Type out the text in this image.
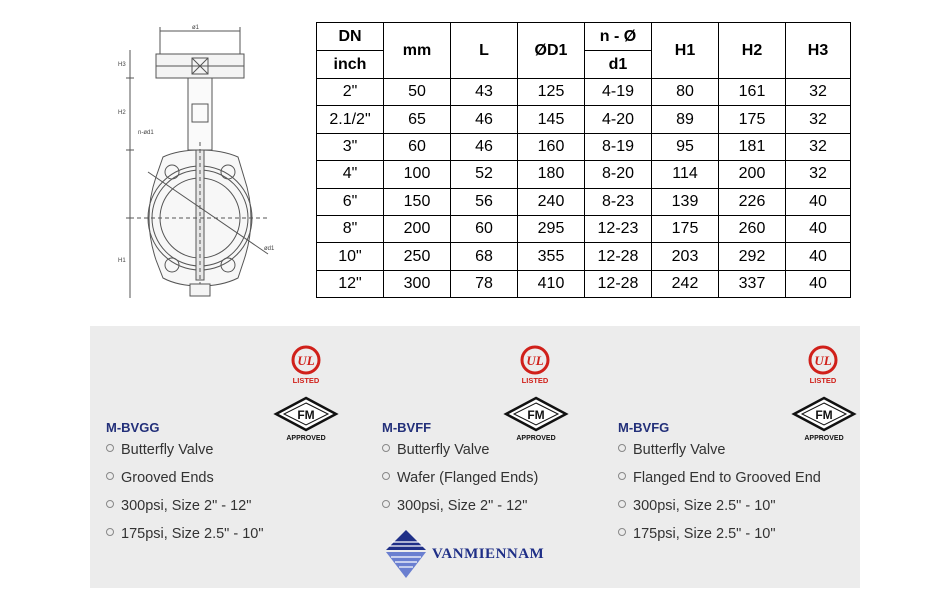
ø1
n-ød1
ød1
H3
H2
H1
DN	mm	L	ØD1	n - Ø	H1	H2	H3
inch				d1			
2"	50	43	125	4-19	80	161	32
2.1/2"	65	46	145	4-20	89	175	32
3"	60	46	160	8-19	95	181	32
4"	100	52	180	8-20	114	200	32
6"	150	56	240	8-23	139	226	40
8"	200	60	295	12-23	175	260	40
10"	250	68	355	12-28	203	292	40
12"	300	78	410	12-28	242	337	40
M-BVGG
Butterfly Valve
Grooved Ends
300psi, Size 2" - 12"
175psi, Size 2.5" - 10"
M-BVFF
Butterfly Valve
Wafer (Flanged Ends)
300psi, Size 2" - 12"
M-BVFG
Butterfly Valve
Flanged End to Grooved End
300psi, Size 2.5" - 10"
175psi, Size 2.5" - 10"
UL
LISTED
UL
LISTED
UL
LISTED
FM
APPROVED
FM
APPROVED
FM
APPROVED
VANMIENNAM
